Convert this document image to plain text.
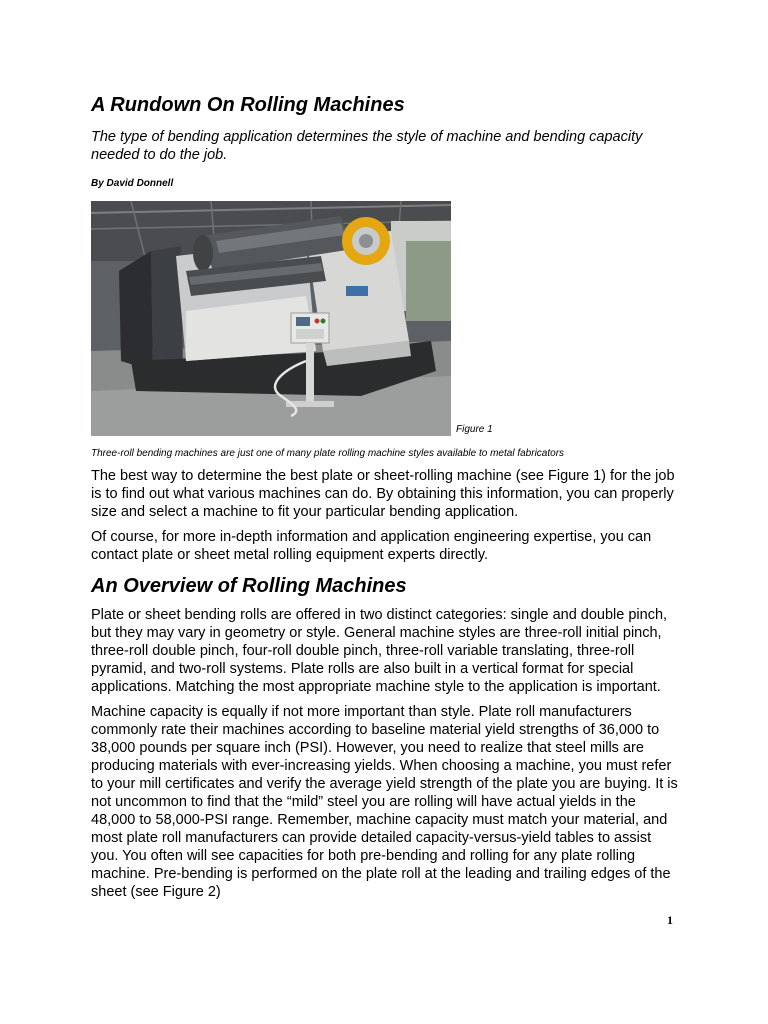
A Rundown On Rolling Machines
The type of bending application determines the style of machine and bending capacity needed to do the job.
By David Donnell
Figure 1
Three-roll bending machines are just one of many plate rolling machine styles available to metal fabricators

The best way to determine the best plate or sheet-rolling machine (see Figure 1) for the job is to find out what various machines can do. By obtaining this information, you can properly size and select a machine to fit your particular bending application.

Of course, for more in-depth information and application engineering expertise, you can contact plate or sheet metal rolling equipment experts directly.

An Overview of Rolling Machines

Plate or sheet bending rolls are offered in two distinct categories: single and double pinch, but they may vary in geometry or style. General machine styles are three-roll initial pinch, three-roll double pinch, four-roll double pinch, three-roll variable translating, three-roll pyramid, and two-roll systems. Plate rolls are also built in a vertical format for special applications. Matching the most appropriate machine style to the application is important.

Machine capacity is equally if not more important than style. Plate roll manufacturers commonly rate their machines according to baseline material yield strengths of 36,000 to 38,000 pounds per square inch (PSI). However, you need to realize that steel mills are producing materials with ever-increasing yields. When choosing a machine, you must refer to your mill certificates and verify the average yield strength of the plate you are buying. It is not uncommon to find that the “mild” steel you are rolling will have actual yields in the 48,000 to 58,000-PSI range. Remember, machine capacity must match your material, and most plate roll manufacturers can provide detailed capacity-versus-yield tables to assist you. You often will see capacities for both pre-bending and rolling for any plate rolling machine. Pre-bending is performed on the plate roll at the leading and trailing edges of the sheet (see Figure 2)

1
